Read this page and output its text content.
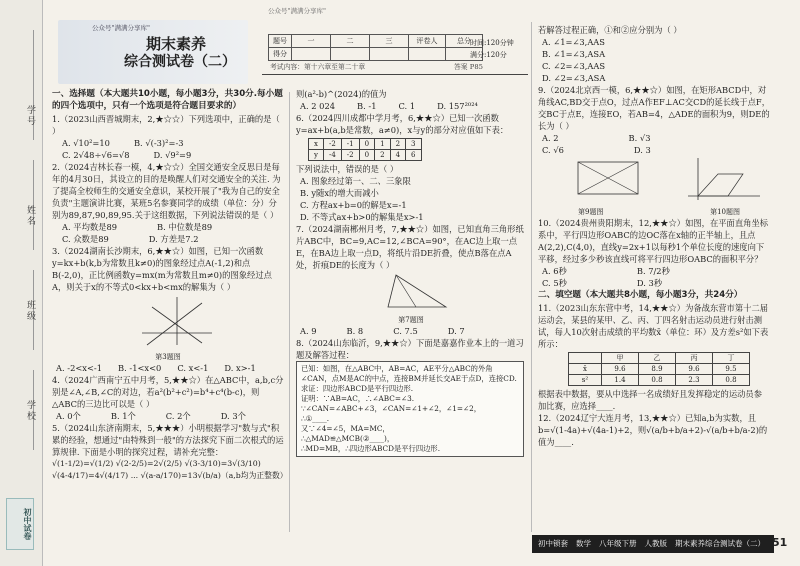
学号
姓名
班级
学校
初中试卷
公众号"满满分享库"
公众号"满满分享库"
期末素养
综合测试卷（二）
题号	一	二	三	评卷人	总分
得分					
时间:120分钟
满分:120分
考试内容：第十六章至第二十章	答案 P85
一、选择题（本大题共10小题，每小题3分，共30分.每小题的四个选项中，只有一个选项是符合题目要求的）
1.（2023山西晋城期末，2,★☆☆）下列选项中，正确的是（ ）
A. √10²=10	B. √(-3)²=-3
C. 2√48÷√6=√8	D. √9²=9
2.（2024吉林长春一模，4,★☆☆）全国交通安全反思日是每年的4月30日，其设立的目的是唤醒人们对交通安全的关注. 为了提高全校师生的交通安全意识，某校开展了"我为自己的安全负责"主题演讲比赛，某班5名参赛同学的成绩（单位：分）分别为89,87,90,89,95.关于这组数据，下列说法错误的是（ ）
A. 平均数是89	B. 中位数是89
C. 众数是89	D. 方差是7.2
3.（2024湖南长沙期末，6,★★☆）如图，已知一次函数y=kx+b(k,b为常数且k≠0)的图象经过点A(-1,2)和点B(-2,0)，正比例函数y=mx(m为常数且m≠0)的图象经过点A，则关于x的不等式0<kx+b<mx的解集为（ ）
第3题图
A. -2<x<-1 B. -1<x<0 C. x<-1 D. x>-1
4.（2024广西南宁五中月考，5,★★☆）在△ABC中，a,b,c分别是∠A,∠B,∠C的对边，若a²(b²+c²)=b⁴+c⁴(b-c)，则△ABC的三边比可以是（ ）
A. 0个	B. 1个	C. 2个	D. 3个
5.（2024山东济南期末，5,★★★）小明根据学习"数与式"积累的经验，想通过"由特殊到一般"的方法探究下面二次根式的运算规律. 下面是小明的探究过程，请补充完整：
√(1-1/2)=√(1/2) √(2-2/5)=2√(2/5) √(3-3/10)=3√(3/10)
√(4-4/17)=4√(4/17) ... √(a-a/170)=13√(b/a)（a,b均为正整数）
则(a²-b)^(2024)的值为
A. 2 024	B. -1	C. 1	D. 157²⁰²⁴
6.（2024四川成都中学月考，6,★★☆）已知一次函数y=ax+b(a,b是常数，a≠0)，x与y的部分对应值如下表：
x	-2	-1	0	1	2	3
y	-4	-2	0	2	4	6
下列说法中，错误的是（ ）
A. 图象经过第一、二、三象限
B. y随x的增大而减小
C. 方程ax+b=0的解是x=-1
D. 不等式ax+b>0的解集是x>-1
7.（2024湖南郴州月考，7,★★☆）如图，已知直角三角形纸片ABC中，BC=9,AC=12,∠BCA=90°，在AC边上取一点E，在BA边上取一点D，将纸片沿DE折叠，使点B落在点A处，折痕DE的长度为（ ）
第7题图
A. 9	B. 8	C. 7.5	D. 7
8.（2024山东临沂，9,★★☆）下面是嘉嘉作业本上的一道习题及解答过程：
已知：如图，在△ABC中，AB=AC，AE平分△ABC的外角∠CAN，点M是AC的中点，连接BM并延长交AE于点D，连接CD.
求证：四边形ABCD是平行四边形.
证明：∵AB=AC，∴∠ABC=∠3.
∵∠CAN=∠ABC+∠3，∠CAN=∠1+∠2，∠1=∠2，
∴①____.
又∵∠4=∠5，MA=MC，
∴△MAD≌△MCB(②____)，
∴MD=MB，∴四边形ABCD是平行四边形.
若解答过程正确，①和②应分别为（ ）
A. ∠1=∠3,AAS
B. ∠1=∠3,ASA
C. ∠2=∠3,AAS
D. ∠2=∠3,ASA
9.（2024北京西一模，6,★★☆）如图，在矩形ABCD中，对角线AC,BD交于点O，过点A作EF⊥AC交CD的延长线于点F，交BC于点E，连接EO，若AB=4，△ADE的面积为9，则DE的长为（ ）
A. 2	B. √3
C. √6	D. 3
第9题图	第10题图
10.（2024贵州贵阳期末，12,★★☆）如图，在平面直角坐标系中，平行四边形OABC的边OC落在x轴的正半轴上，且点A(2,2),C(4,0)，直线y=2x+1以每秒1个单位长度的速度向下平移，经过多少秒该直线可将平行四边形OABC的面积平分？
A. 6秒	B. 7/2秒
C. 5秒	D. 3秒
二、填空题（本大题共8小题，每小题3分，共24分）
11.（2023山东东营中考，14,★★☆）为备战东营市第十二届运动会，某县的某甲、乙、丙、丁四名射击运动员进行射击测试，每人10次射击成绩的平均数x̄（单位：环）及方差s²如下表所示：
	甲	乙	丙	丁
x̄	9.6	8.9	9.6	9.5
s²	1.4	0.8	2.3	0.8
根据表中数据，要从中选择一名成绩好且发挥稳定的运动员参加比赛，应选择____.
12.（2024辽宁大连月考，13,★★☆）已知a,b为实数，且b=√(1-4a)+√(4a-1)+2，则√(a/b+b/a+2)-√(a/b+b/a-2)的值为____.
初中锁套 数学 八年级下册 人教版 期末素养综合测试卷（二） 51
